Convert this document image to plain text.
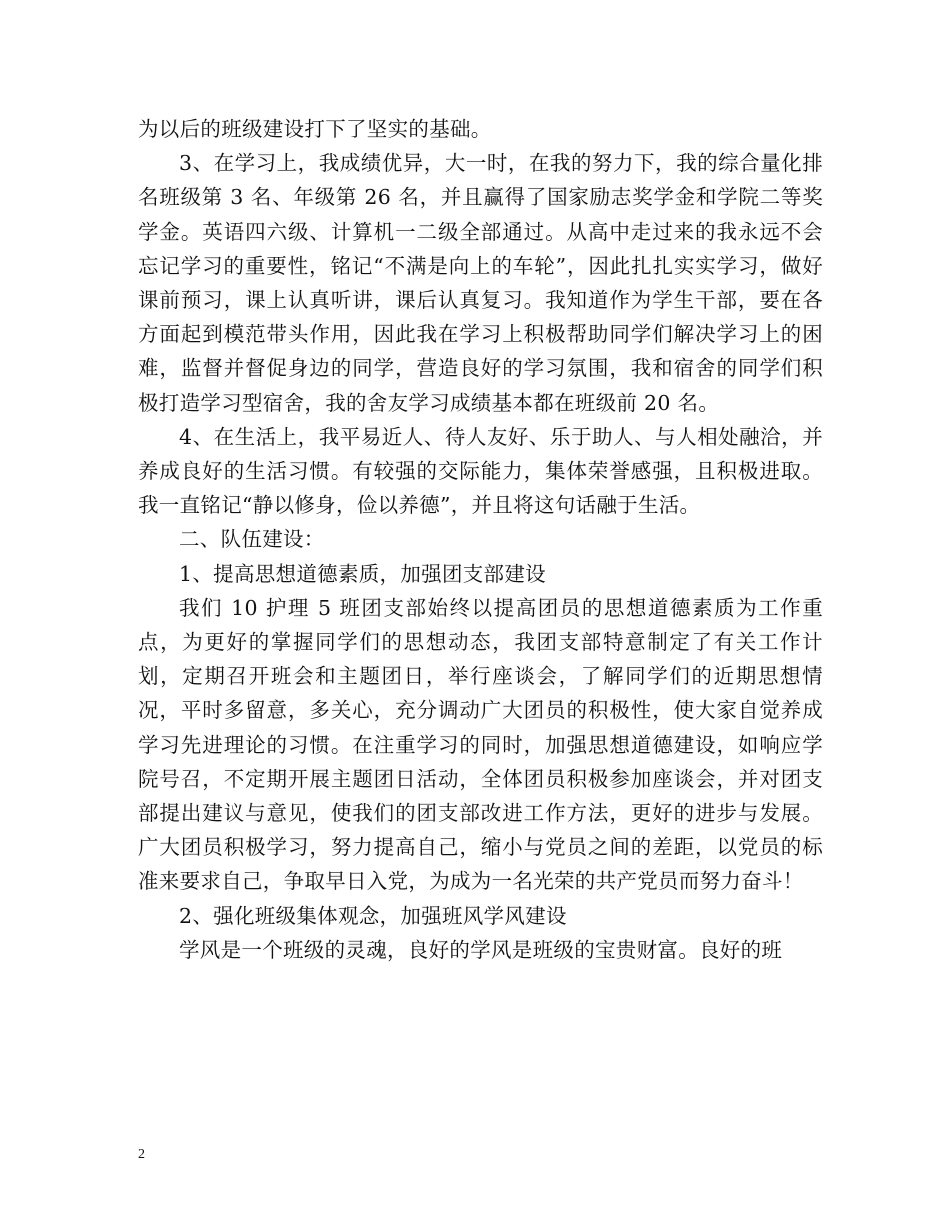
为以后的班级建设打下了坚实的基础。

3、在学习上，我成绩优异，大一时，在我的努力下，我的综合量化排名班级第 3 名、年级第 26 名，并且赢得了国家励志奖学金和学院二等奖学金。英语四六级、计算机一二级全部通过。从高中走过来的我永远不会忘记学习的重要性，铭记“不满是向上的车轮”，因此扎扎实实学习，做好课前预习，课上认真听讲，课后认真复习。我知道作为学生干部，要在各方面起到模范带头作用，因此我在学习上积极帮助同学们解决学习上的困难，监督并督促身边的同学，营造良好的学习氛围，我和宿舍的同学们积极打造学习型宿舍，我的舍友学习成绩基本都在班级前 20 名。

4、在生活上，我平易近人、待人友好、乐于助人、与人相处融洽，并养成良好的生活习惯。有较强的交际能力，集体荣誉感强，且积极进取。我一直铭记“静以修身，俭以养德”，并且将这句话融于生活。

二、队伍建设：

1、提高思想道德素质，加强团支部建设

我们 10 护理 5 班团支部始终以提高团员的思想道德素质为工作重点，为更好的掌握同学们的思想动态，我团支部特意制定了有关工作计划，定期召开班会和主题团日，举行座谈会，了解同学们的近期思想情况，平时多留意，多关心，充分调动广大团员的积极性，使大家自觉养成学习先进理论的习惯。在注重学习的同时，加强思想道德建设，如响应学院号召，不定期开展主题团日活动，全体团员积极参加座谈会，并对团支部提出建议与意见，使我们的团支部改进工作方法，更好的进步与发展。广大团员积极学习，努力提高自己，缩小与党员之间的差距，以党员的标准来要求自己，争取早日入党，为成为一名光荣的共产党员而努力奋斗！

2、强化班级集体观念，加强班风学风建设

学风是一个班级的灵魂，良好的学风是班级的宝贵财富。良好的班

2
